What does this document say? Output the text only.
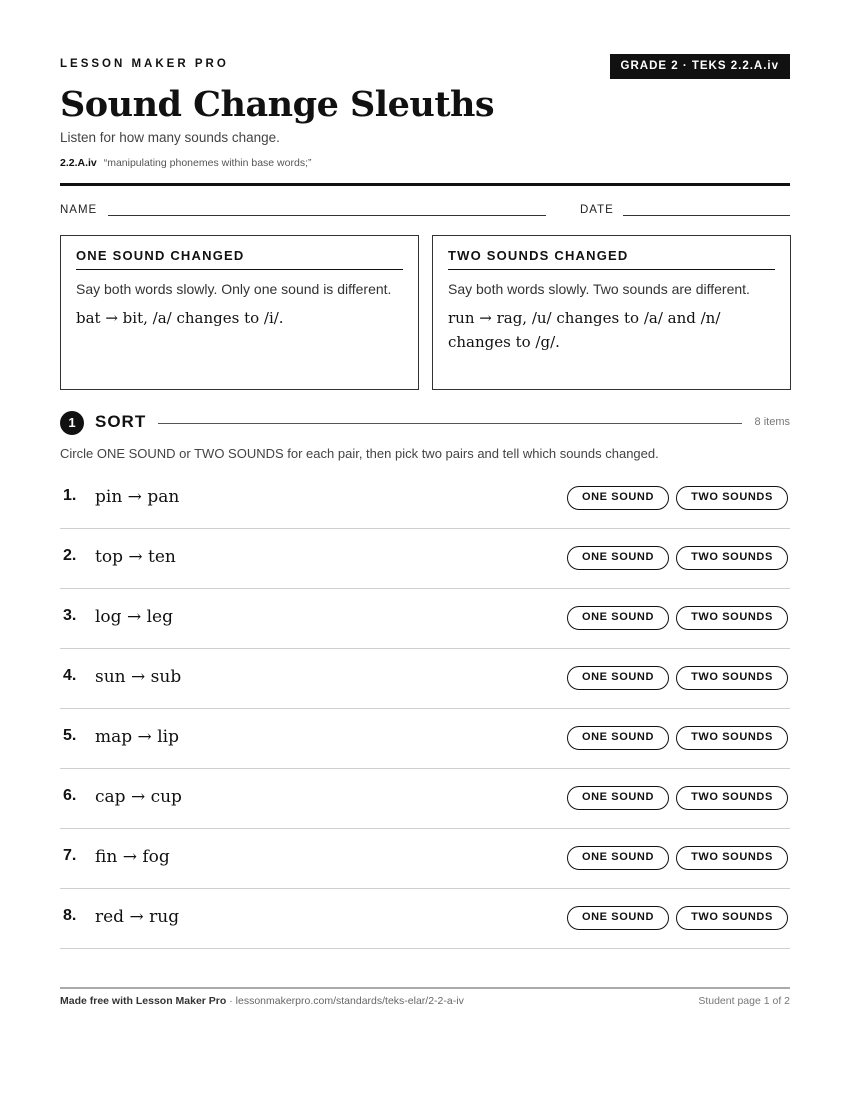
LESSON MAKER PRO	GRADE 2 · TEKS 2.2.A.iv
Sound Change Sleuths
Listen for how many sounds change.
2.2.A.iv “manipulating phonemes within base words;”
NAME	DATE
ONE SOUND CHANGED
Say both words slowly. Only one sound is different.
bat → bit, /a/ changes to /i/.
TWO SOUNDS CHANGED
Say both words slowly. Two sounds are different.
run → rag, /u/ changes to /a/ and /n/ changes to /g/.
1	SORT	8 items
Circle ONE SOUND or TWO SOUNDS for each pair, then pick two pairs and tell which sounds changed.
1. pin → pan	ONE SOUND	TWO SOUNDS
2. top → ten	ONE SOUND	TWO SOUNDS
3. log → leg	ONE SOUND	TWO SOUNDS
4. sun → sub	ONE SOUND	TWO SOUNDS
5. map → lip	ONE SOUND	TWO SOUNDS
6. cap → cup	ONE SOUND	TWO SOUNDS
7. fin → fog	ONE SOUND	TWO SOUNDS
8. red → rug	ONE SOUND	TWO SOUNDS
Made free with Lesson Maker Pro · lessonmakerpro.com/standards/teks-elar/2-2-a-iv	Student page 1 of 2
